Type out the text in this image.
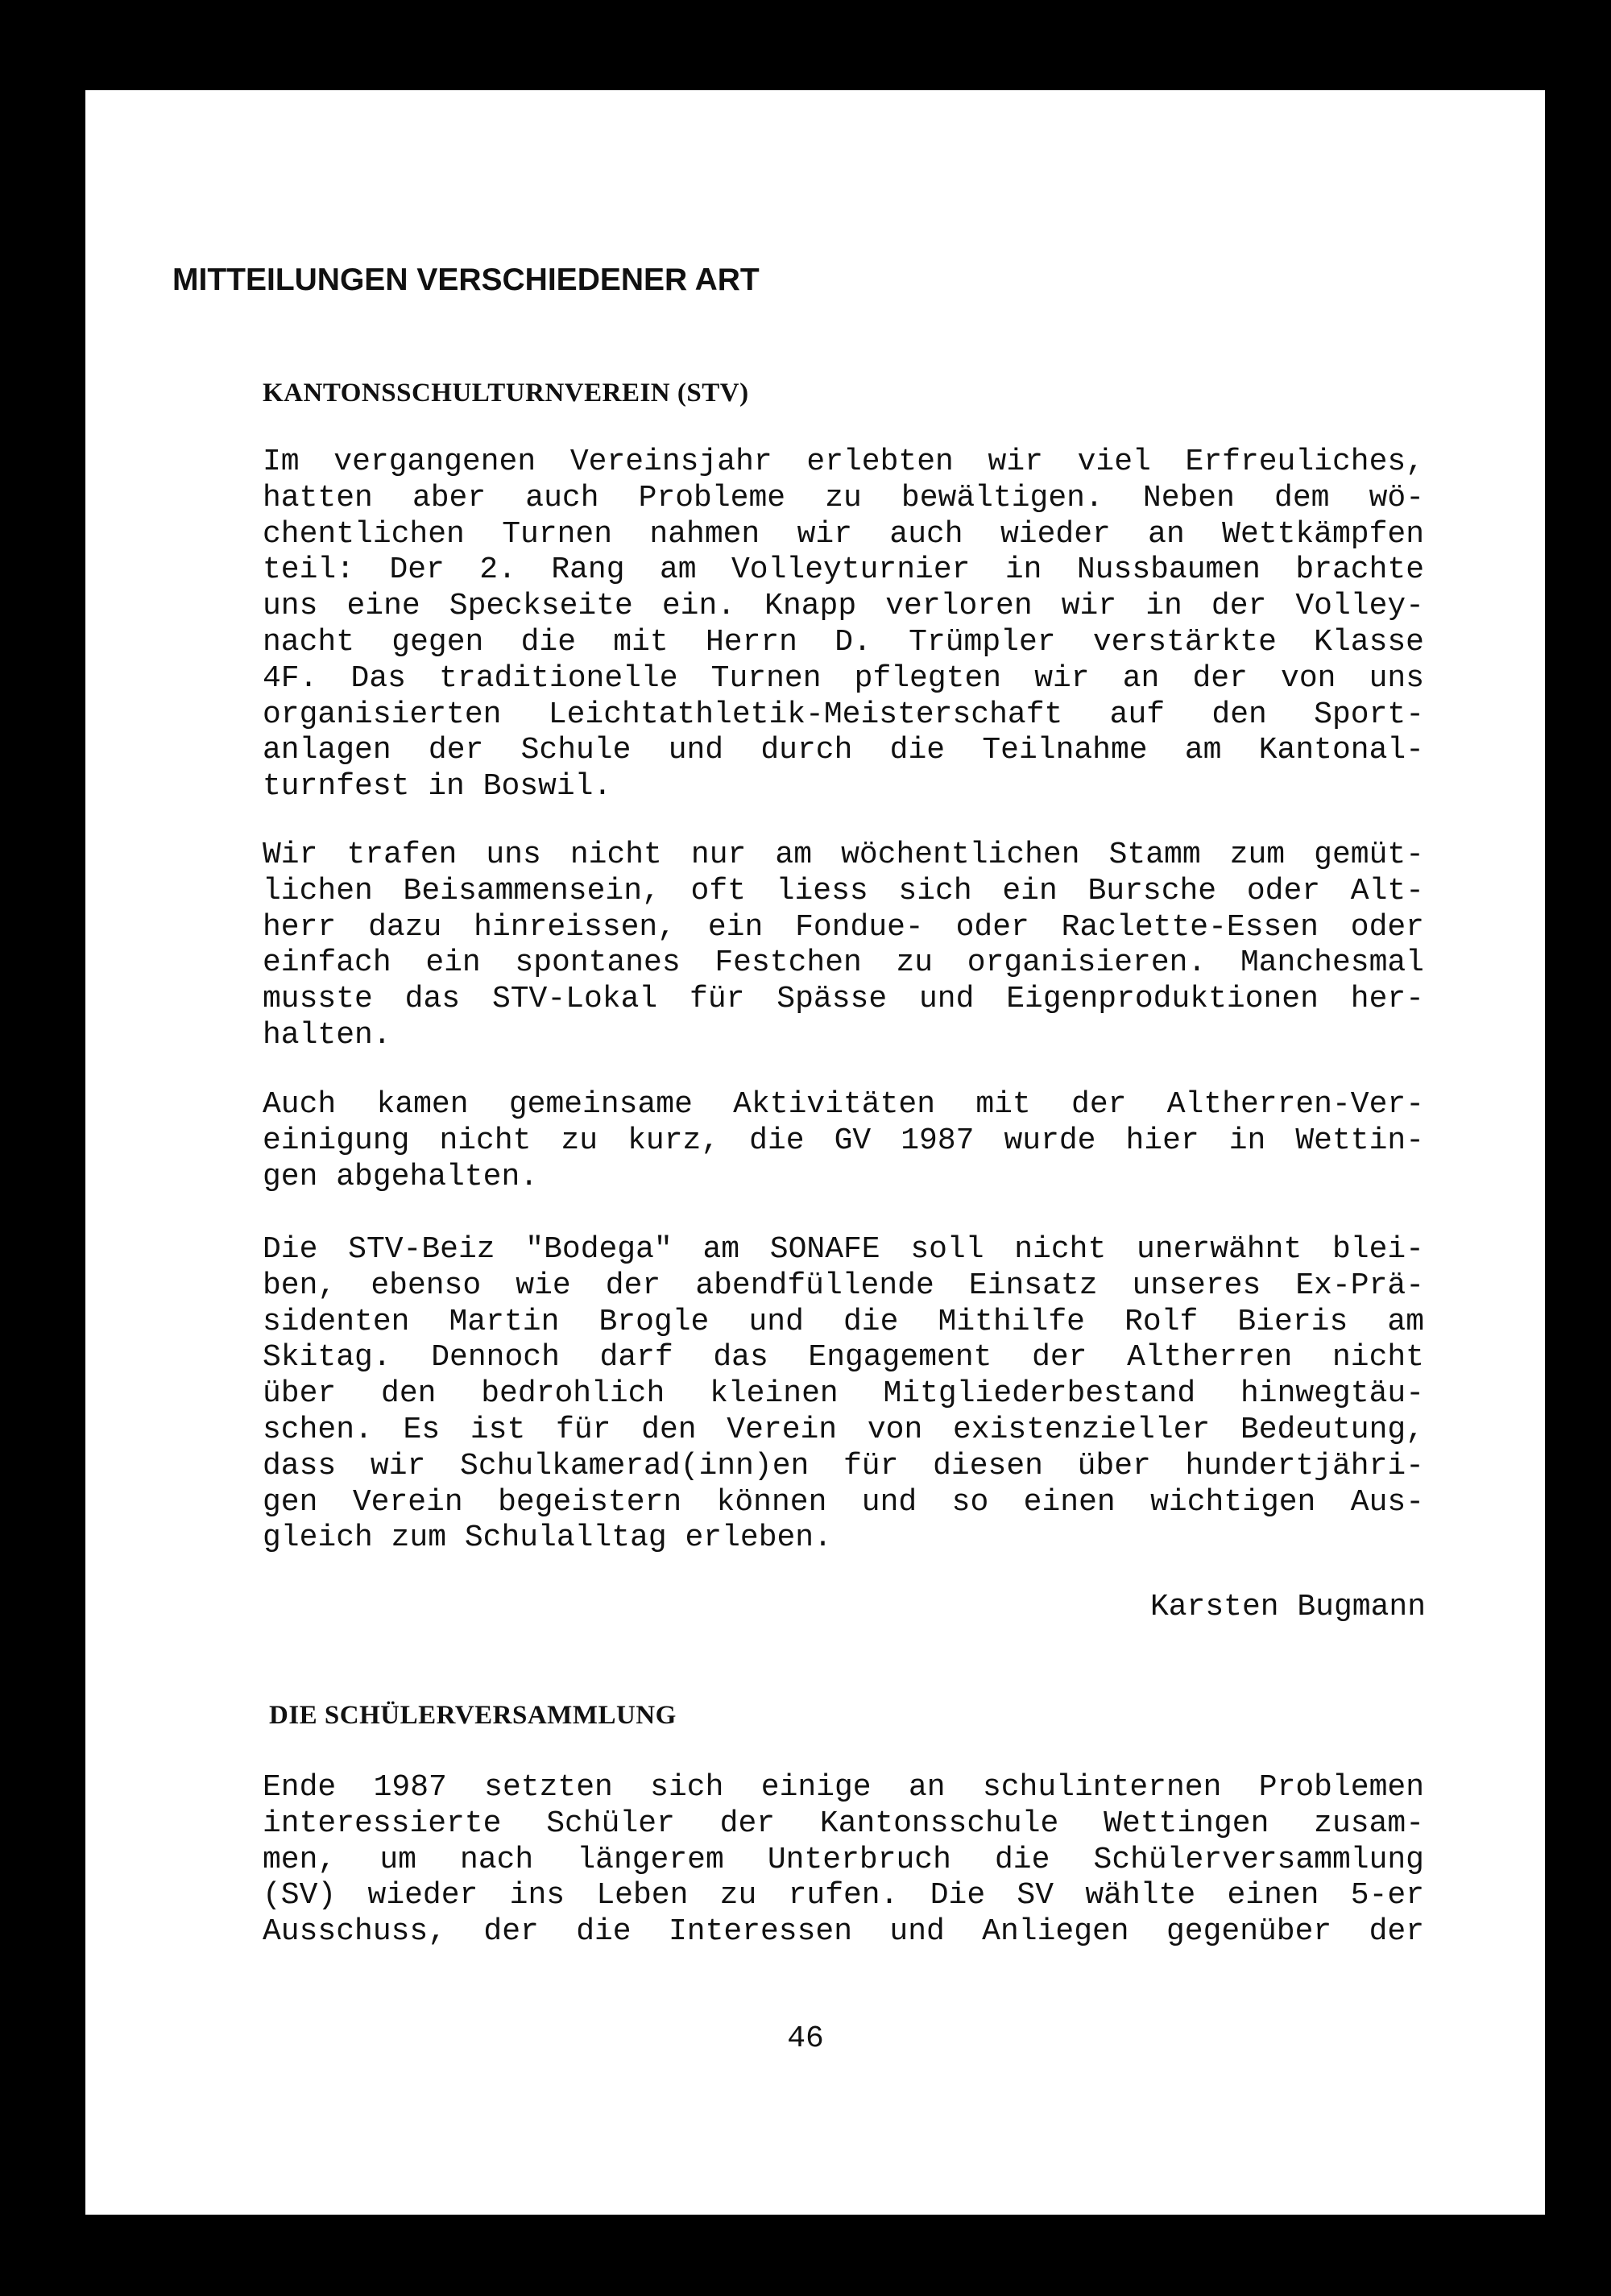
MITTEILUNGEN VERSCHIEDENER ART
KANTONSSCHULTURNVEREIN (STV)
Im vergangenen Vereinsjahr erlebten wir viel Erfreuliches,
hatten aber auch Probleme zu bewältigen. Neben dem wö-
chentlichen Turnen nahmen wir auch wieder an Wettkämpfen
teil: Der 2. Rang am Volleyturnier in Nussbaumen brachte
uns eine Speckseite ein. Knapp verloren wir in der Volley-
nacht gegen die mit Herrn D. Trümpler verstärkte Klasse
4F. Das traditionelle Turnen pflegten wir an der von uns
organisierten Leichtathletik-Meisterschaft auf den Sport-
anlagen der Schule und durch die Teilnahme am Kantonal-
turnfest in Boswil.
Wir trafen uns nicht nur am wöchentlichen Stamm zum gemüt-
lichen Beisammensein, oft liess sich ein Bursche oder Alt-
herr dazu hinreissen, ein Fondue- oder Raclette-Essen oder
einfach ein spontanes Festchen zu organisieren. Manchesmal
musste das STV-Lokal für Spässe und Eigenproduktionen her-
halten.
Auch kamen gemeinsame Aktivitäten mit der Altherren-Ver-
einigung nicht zu kurz, die GV 1987 wurde hier in Wettin-
gen abgehalten.
Die STV-Beiz "Bodega" am SONAFE soll nicht unerwähnt blei-
ben, ebenso wie der abendfüllende Einsatz unseres Ex-Prä-
sidenten Martin Brogle und die Mithilfe Rolf Bieris am
Skitag. Dennoch darf das Engagement der Altherren nicht
über den bedrohlich kleinen Mitgliederbestand hinwegtäu-
schen. Es ist für den Verein von existenzieller Bedeutung,
dass wir Schulkamerad(inn)en für diesen über hundertjähri-
gen Verein begeistern können und so einen wichtigen Aus-
gleich zum Schulalltag erleben.

Karsten Bugmann

DIE SCHÜLERVERSAMMLUNG
Ende 1987 setzten sich einige an schulinternen Problemen
interessierte Schüler der Kantonsschule Wettingen zusam-
men, um nach längerem Unterbruch die Schülerversammlung
(SV) wieder ins Leben zu rufen. Die SV wählte einen 5-er
Ausschuss, der die Interessen und Anliegen gegenüber der

46
